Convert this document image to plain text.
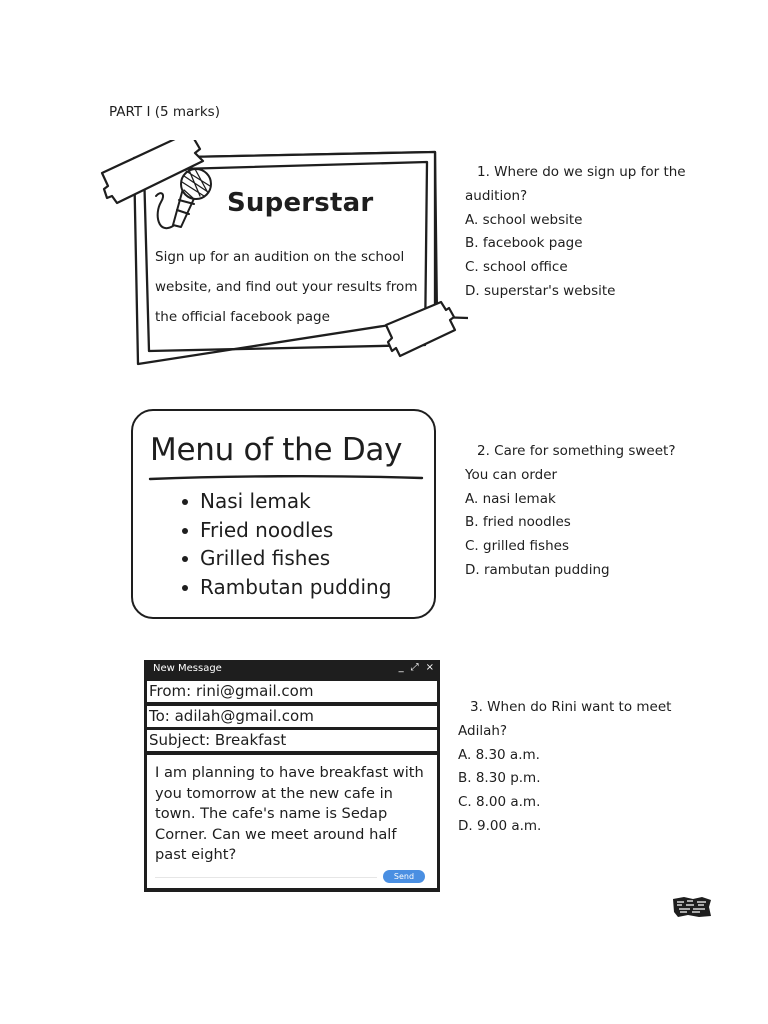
PART I (5 marks)
Superstar
Sign up for an audition on the school
website, and find out your results from
the official facebook page
1. Where do we sign up for the
audition?
A. school website
B. facebook page
C. school office
D. superstar's website
Menu of the Day
Nasi lemak
Fried noodles
Grilled fishes
Rambutan pudding
2. Care for something sweet?
You can order
A. nasi lemak
B. fried noodles
C. grilled fishes
D. rambutan pudding
New Message	_ ⤢ ×
From: rini@gmail.com
To: adilah@gmail.com
Subject: Breakfast
I am planning to have breakfast with
you tomorrow at the new cafe in
town. The cafe's name is Sedap
Corner. Can we meet around half
past eight?
Send
3. When do Rini want to meet
Adilah?
A. 8.30 a.m.
B. 8.30 p.m.
C. 8.00 a.m.
D. 9.00 a.m.
